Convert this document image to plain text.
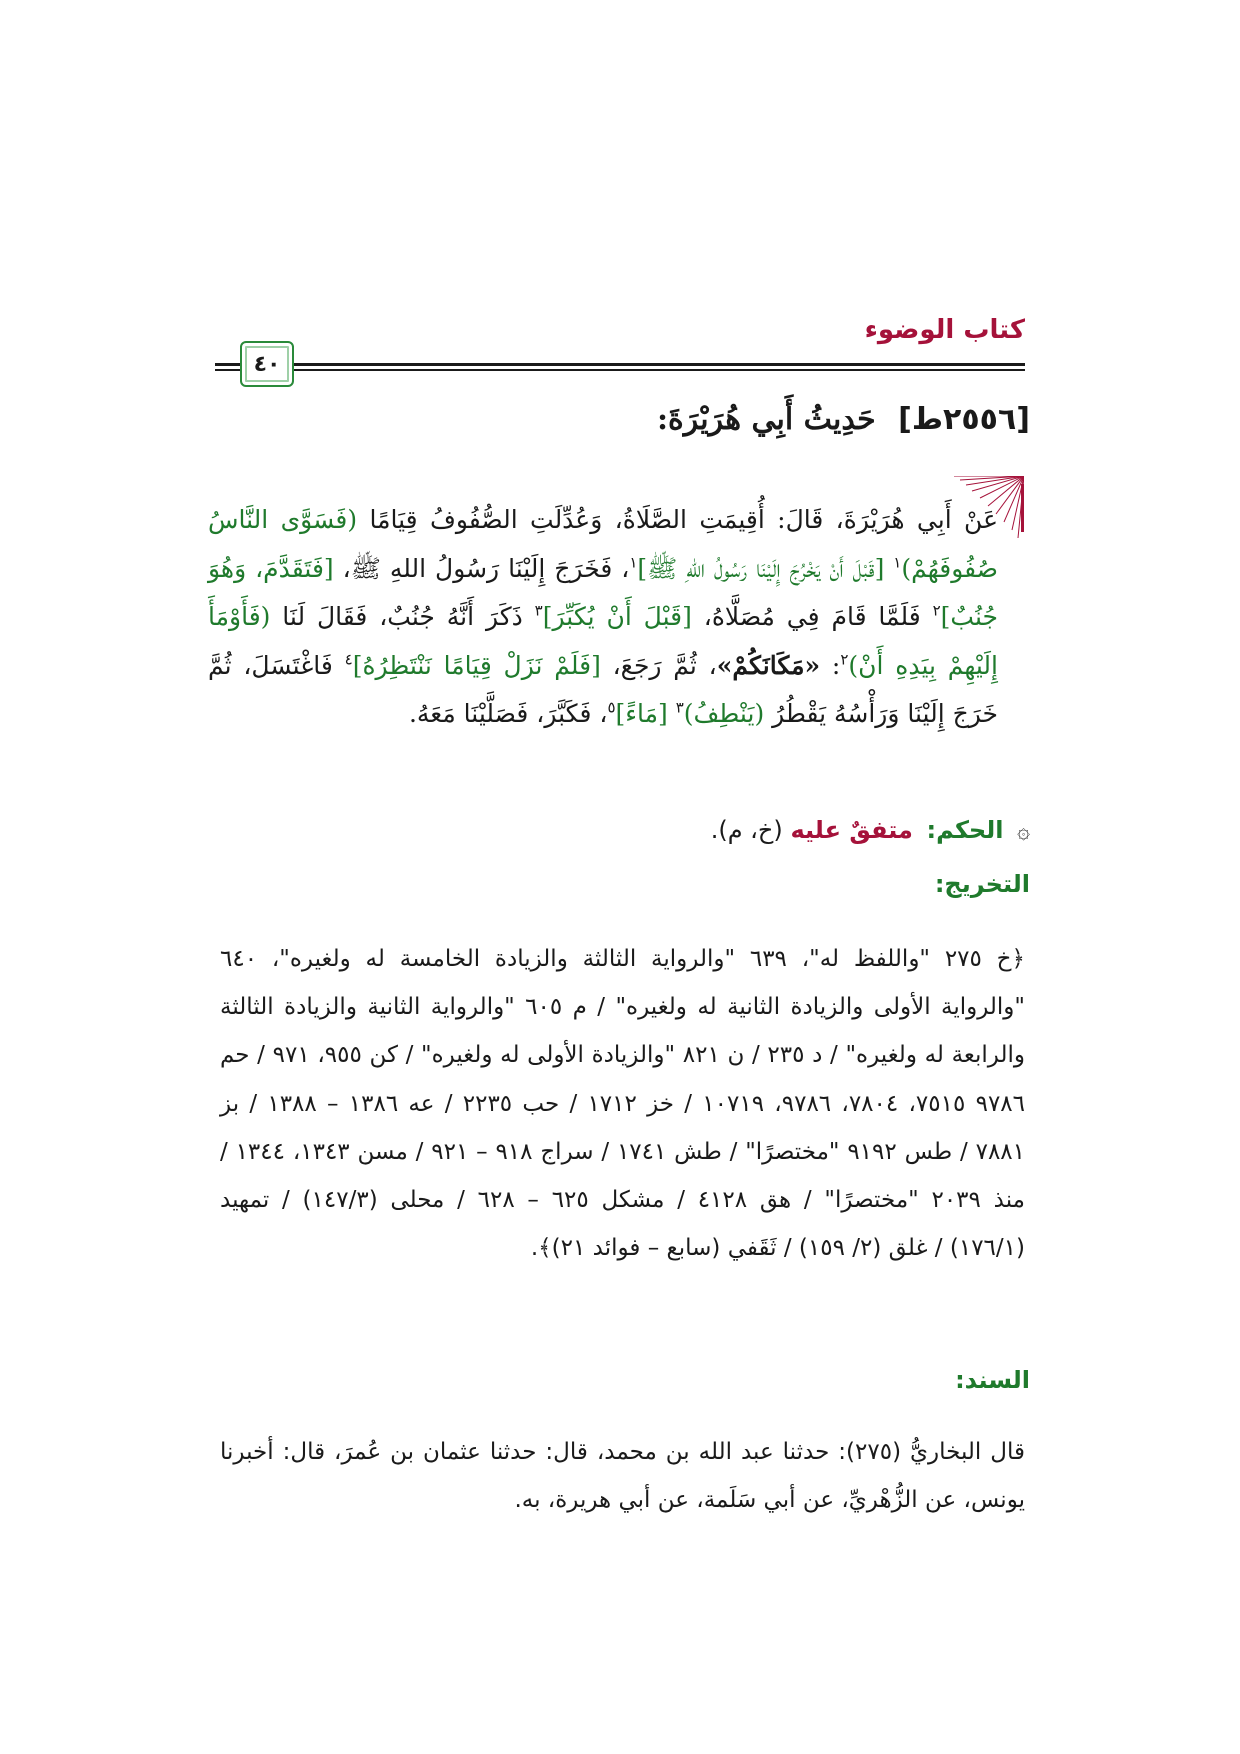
كتاب الوضوء
٤٠
[٢٥٥٦ط] حَدِيثُ أَبِي هُرَيْرَةَ:
عَنْ أَبِي هُرَيْرَةَ، قَالَ: أُقِيمَتِ الصَّلَاةُ، وَعُدِّلَتِ الصُّفُوفُ قِيَامًا (فَسَوَّى النَّاسُ صُفُوفَهُمْ)$^١$ [قَبْلَ أَنْ يَخْرُجَ إِلَيْنَا رَسُولُ اللهِ ﷺ]$^١$، فَخَرَجَ إِلَيْنَا رَسُولُ اللهِ ﷺ، [فَتَقَدَّمَ، وَهُوَ جُنُبٌ]$^٢$ فَلَمَّا قَامَ فِي مُصَلَّاهُ، [قَبْلَ أَنْ يُكَبِّرَ]$^٣$ ذَكَرَ أَنَّهُ جُنُبٌ، فَقَالَ لَنَا (فَأَوْمَأَ إِلَيْهِمْ بِيَدِهِ أَنْ)$^٢$: «مَكَانَكُمْ»، ثُمَّ رَجَعَ، [فَلَمْ نَزَلْ قِيَامًا نَنْتَظِرُهُ]$^٤$ فَاغْتَسَلَ، ثُمَّ خَرَجَ إِلَيْنَا وَرَأْسُهُ يَقْطُرُ (يَنْطِفُ)$^٣$ [مَاءً]$^٥$، فَكَبَّرَ، فَصَلَّيْنَا مَعَهُ.
۞ الحكم: متفقٌ عليه (خ، م).
التخريج:
﴿خ ٢٧٥ "واللفظ له"، ٦٣٩ "والرواية الثالثة والزيادة الخامسة له ولغيره"، ٦٤٠ "والرواية الأولى والزيادة الثانية له ولغيره" / م ٦٠٥ "والرواية الثانية والزيادة الثالثة والرابعة له ولغيره" / د ٢٣٥ / ن ٨٢١ "والزيادة الأولى له ولغيره" / كن ٩٥٥، ٩٧١ / حم ٩٧٨٦ ٧٥١٥، ٧٨٠٤، ٩٧٨٦، ١٠٧١٩ / خز ١٧١٢ / حب ٢٢٣٥ / عه ١٣٨٦ – ١٣٨٨ / بز ٧٨٨١ / طس ٩١٩٢ "مختصرًا" / طش ١٧٤١ / سراج ٩١٨ – ٩٢١ / مسن ١٣٤٣، ١٣٤٤ / منذ ٢٠٣٩ "مختصرًا" / هق ٤١٢٨ / مشكل ٦٢٥ – ٦٢٨ / محلى (١٤٧/٣) / تمهيد (١٧٦/١) / غلق (٢/ ١٥٩) / ثَقَفي (سابع – فوائد ٢١)﴾.
السند:
قال البخاريُّ (٢٧٥): حدثنا عبد الله بن محمد، قال: حدثنا عثمان بن عُمرَ، قال: أخبرنا يونس، عن الزُّهْريِّ، عن أبي سَلَمة، عن أبي هريرة، به.
